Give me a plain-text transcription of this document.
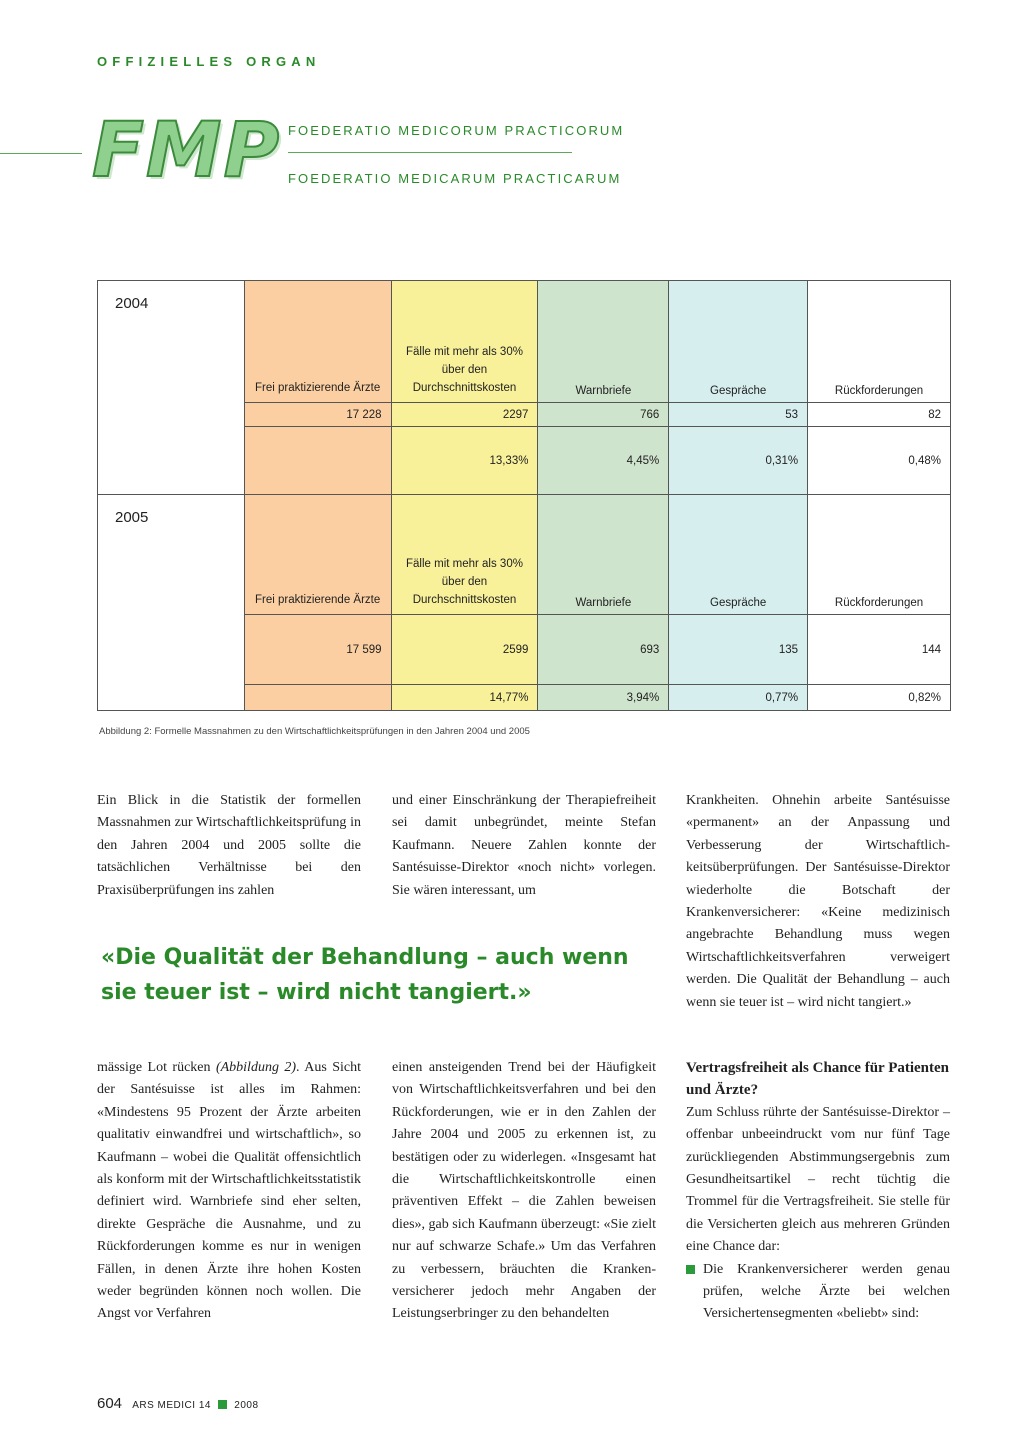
OFFIZIELLES ORGAN
FMP FOEDERATIO MEDICORUM PRACTICORUM
FOEDERATIO MEDICARUM PRACTICARUM
2004	Frei praktizierende Ärzte	Fälle mit mehr als 30% über den Durchschnittskosten	Warnbriefe	Gespräche	Rückforderungen
	17 228	2297	766	53	82
		13,33%	4,45%	0,31%	0,48%
2005	Frei praktizierende Ärzte	Fälle mit mehr als 30% über den Durchschnittskosten	Warnbriefe	Gespräche	Rückforderungen
	17 599	2599	693	135	144
		14,77%	3,94%	0,77%	0,82%
Abbildung 2: Formelle Massnahmen zu den Wirtschaftlichkeitsprüfungen in den Jahren 2004 und 2005

Ein Blick in die Statistik der formellen Massnahmen zur Wirtschaftlichkeitsprüfung in den Jahren 2004 und 2005 sollte die tatsächlichen Verhältnisse bei den Praxisüberprüfungen ins zahlen

und einer Einschränkung der Therapiefreiheit sei damit unbegründet, meinte Stefan Kaufmann. Neuere Zahlen konnte der Santésuisse-Direktor «noch nicht» vorlegen. Sie wären interessant, um

Krankheiten. Ohnehin arbeite Santésuisse «permanent» an der Anpassung und Verbesserung der Wirtschaftlichkeitsüberprüfungen. Der Santésuisse-Direktor wiederholte die Botschaft der Krankenversicherer: «Keine medizinisch angebrachte Behandlung muss wegen Wirtschaftlichkeitsverfahren verweigert werden. Die Qualität der Behandlung – auch wenn sie teuer ist – wird nicht tangiert.»

«Die Qualität der Behandlung – auch wenn sie teuer ist – wird nicht tangiert.»

mässige Lot rücken (Abbildung 2). Aus Sicht der Santésuisse ist alles im Rahmen: «Mindestens 95 Prozent der Ärzte arbeiten qualitativ einwandfrei und wirtschaftlich», so Kaufmann – wobei die Qualität offensichtlich als konform mit der Wirtschaftlichkeitsstatistik definiert wird. Warnbriefe sind eher selten, direkte Gespräche die Ausnahme, und zu Rückforderungen komme es nur in wenigen Fällen, in denen Ärzte ihre hohen Kosten weder begründen können noch wollen. Die Angst vor Verfahren

einen ansteigenden Trend bei der Häufigkeit von Wirtschaftlichkeitsverfahren und bei den Rückforderungen, wie er in den Zahlen der Jahre 2004 und 2005 zu erkennen ist, zu bestätigen oder zu widerlegen. «Insgesamt hat die Wirtschaftlichkeitskontrolle einen präventiven Effekt – die Zahlen beweisen dies», gab sich Kaufmann überzeugt: «Sie zielt nur auf schwarze Schafe.» Um das Verfahren zu verbessern, bräuchten die Krankenversicherer jedoch mehr Angaben der Leistungserbringer zu den behandelten

Vertragsfreiheit als Chance für Patienten und Ärzte?

Zum Schluss rührte der Santésuisse-Direktor – offenbar unbeeindruckt vom nur fünf Tage zurückliegenden Abstimmungsergebnis zum Gesundheitsartikel – recht tüchtig die Trommel für die Vertragsfreiheit. Sie stelle für die Versicherten gleich aus mehreren Gründen eine Chance dar:

Die Krankenversicherer werden genau prüfen, welche Ärzte bei welchen Versichertensegmenten «beliebt» sind:

604 ARS MEDICI 14 2008
